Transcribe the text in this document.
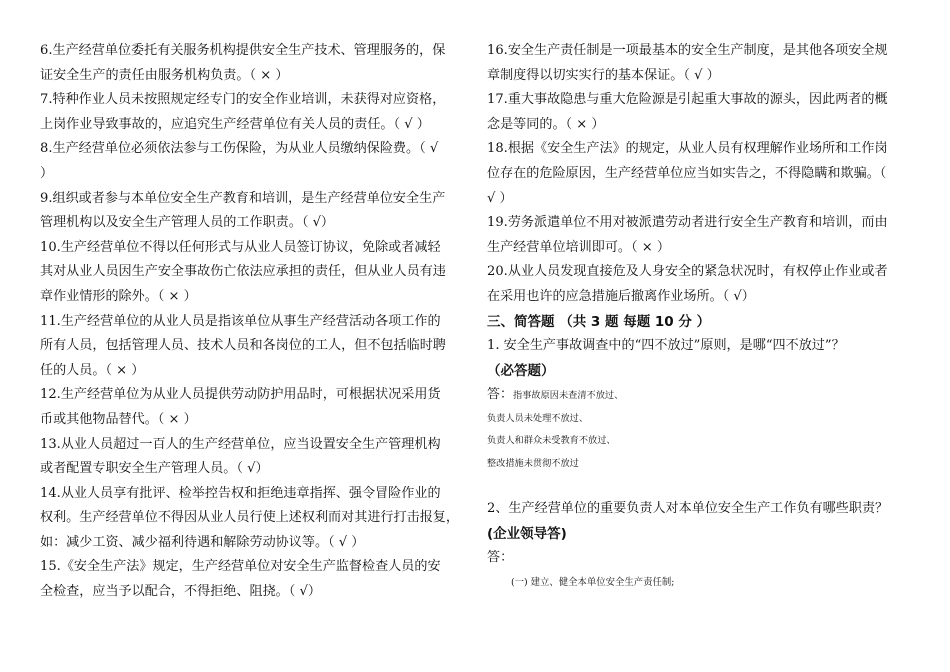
6.生产经营单位委托有关服务机构提供安全生产技术、管理服务的，保
证安全生产的责任由服务机构负责。（ × ）
7.特种作业人员未按照规定经专门的安全作业培训，未获得对应资格，
上岗作业导致事故的，应追究生产经营单位有关人员的责任。（ √ ）
8.生产经营单位必须依法参与工伤保险，为从业人员缴纳保险费。（ √
）
9.组织或者参与本单位安全生产教育和培训，是生产经营单位安全生产
管理机构以及安全生产管理人员的工作职责。（ √）
10.生产经营单位不得以任何形式与从业人员签订协议，免除或者减轻
其对从业人员因生产安全事故伤亡依法应承担的责任，但从业人员有违
章作业情形的除外。（ × ）
11.生产经营单位的从业人员是指该单位从事生产经营活动各项工作的
所有人员，包括管理人员、技术人员和各岗位的工人，但不包括临时聘
任的人员。（ × ）
12.生产经营单位为从业人员提供劳动防护用品时，可根据状况采用货
币或其他物品替代。（ × ）
13.从业人员超过一百人的生产经营单位，应当设置安全生产管理机构
或者配置专职安全生产管理人员。（ √）
14.从业人员享有批评、检举控告权和拒绝违章指挥、强令冒险作业的
权利。生产经营单位不得因从业人员行使上述权利而对其进行打击报复，
如：减少工资、减少福利待遇和解除劳动协议等。（ √ ）
15.《安全生产法》规定，生产经营单位对安全生产监督检查人员的安
全检查，应当予以配合，不得拒绝、阻挠。（ √）
16.安全生产责任制是一项最基本的安全生产制度，是其他各项安全规
章制度得以切实实行的基本保证。（ √ ）
17.重大事故隐患与重大危险源是引起重大事故的源头，因此两者的概
念是等同的。（ × ）
18.根据《安全生产法》的规定，从业人员有权理解作业场所和工作岗
位存在的危险原因，生产经营单位应当如实告之，不得隐瞒和欺骗。（
√ ）
19.劳务派遣单位不用对被派遣劳动者进行安全生产教育和培训，而由
生产经营单位培训即可。（ × ）
20.从业人员发现直接危及人身安全的紧急状况时，有权停止作业或者
在采用也许的应急措施后撤离作业场所。（ √）
三、简答题 （共 3 题 每题 10 分 ）
1. 安全生产事故调查中的“四不放过”原则，是哪“四不放过”？
（必答题）
答：指事故原因未查清不放过、
负责人员未处理不放过、
负责人和群众未受教育不放过、
整改措施未贯彻不放过
2、生产经营单位的重要负责人对本单位安全生产工作负有哪些职责？
(企业领导答)
答：
(一) 建立、健全本单位安全生产责任制;
